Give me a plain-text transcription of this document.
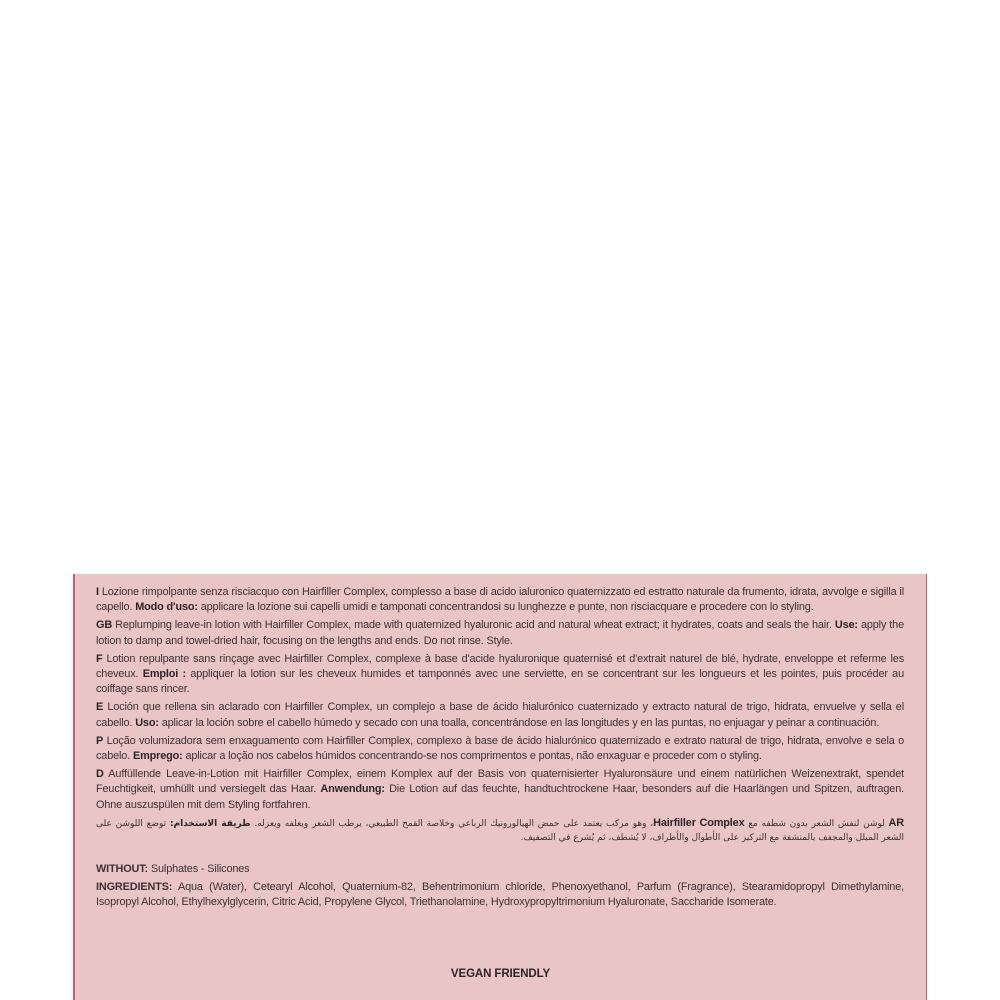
I Lozione rimpolpante senza risciacquo con Hairfiller Complex, complesso a base di acido ialuronico quaternizzato ed estratto naturale da frumento, idrata, avvolge e sigilla il capello. Modo d'uso: applicare la lozione sui capelli umidi e tamponati concentrandosi su lunghezze e punte, non risciacquare e procedere con lo styling.

GB Replumping leave-in lotion with Hairfiller Complex, made with quaternized hyaluronic acid and natural wheat extract; it hydrates, coats and seals the hair. Use: apply the lotion to damp and towel-dried hair, focusing on the lengths and ends. Do not rinse. Style.

F Lotion repulpante sans rinçage avec Hairfiller Complex, complexe à base d'acide hyaluronique quaternisé et d'extrait naturel de blé, hydrate, enveloppe et referme les cheveux. Emploi : appliquer la lotion sur les cheveux humides et tamponnés avec une serviette, en se concentrant sur les longueurs et les pointes, puis procéder au coiffage sans rincer.

E Loción que rellena sin aclarado con Hairfiller Complex, un complejo a base de ácido hialurónico cuaternizado y extracto natural de trigo, hidrata, envuelve y sella el cabello. Uso: aplicar la loción sobre el cabello húmedo y secado con una toalla, concentrándose en las longitudes y en las puntas, no enjuagar y peinar a continuación.

P Loção volumizadora sem enxaguamento com Hairfiller Complex, complexo à base de ácido hialurónico quaternizado e extrato natural de trigo, hidrata, envolve e sela o cabelo. Emprego: aplicar a loção nos cabelos húmidos concentrando-se nos comprimentos e pontas, não enxaguar e proceder com o styling.

D Auffüllende Leave-in-Lotion mit Hairfiller Complex, einem Komplex auf der Basis von quaternisierter Hyaluronsäure und einem natürlichen Weizenextrakt, spendet Feuchtigkeit, umhüllt und versiegelt das Haar. Anwendung: Die Lotion auf das feuchte, handtuchtrockene Haar, besonders auf die Haarlängen und Spitzen, auftragen. Ohne auszuspülen mit dem Styling fortfahren.

AR لوشن لنفش الشعر بدون شطفه مع Hairfiller Complex، وهو مركب يعتمد على حمض الهيالورونيك الرباعي وخلاصة القمح الطبيعي، يرطب الشعر ويغلفه ويعزله. طريقة الاستخدام: توضع اللوشن على الشعر المبلل والمجفف بالمنشفة مع التركيز على الأطوال والأطراف، لا يُشطف، ثم يُشرع في التصفيف.

WITHOUT: Sulphates - Silicones

INGREDIENTS: Aqua (Water), Cetearyl Alcohol, Quaternium-82, Behentrimonium chloride, Phenoxyethanol, Parfum (Fragrance), Stearamidopropyl Dimethylamine, Isopropyl Alcohol, Ethylhexylglycerin, Citric Acid, Propylene Glycol, Triethanolamine, Hydroxypropyltrimonium Hyaluronate, Saccharide Isomerate.

VEGAN FRIENDLY
